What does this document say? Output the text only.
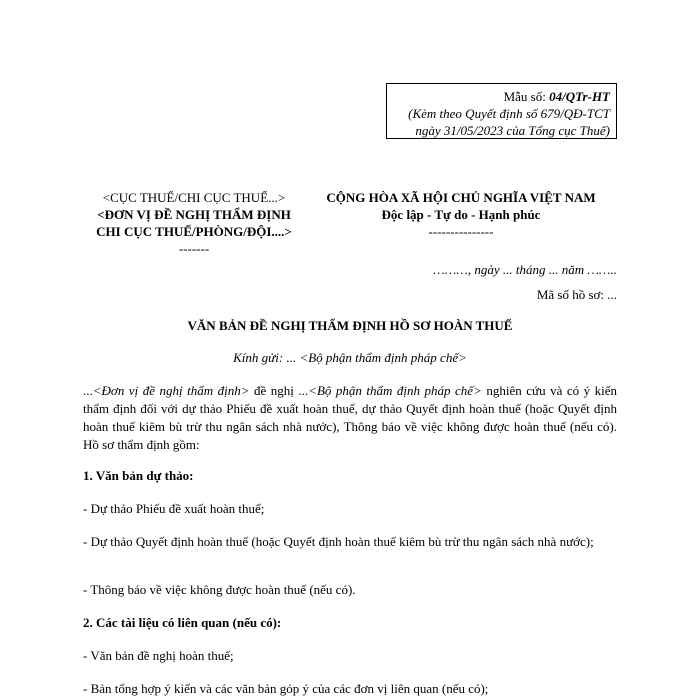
Mẫu số: 04/QTr-HT
(Kèm theo Quyết định số 679/QĐ-TCT
ngày 31/05/2023 của Tổng cục Thuế)
<CỤC THUẾ/CHI CỤC THUẾ...>
<ĐƠN VỊ ĐỀ NGHỊ THẨM ĐỊNH
CHI CỤC THUẾ/PHÒNG/ĐỘI....>
-------
CỘNG HÒA XÃ HỘI CHỦ NGHĨA VIỆT NAM
Độc lập - Tự do - Hạnh phúc
---------------
………, ngày ... tháng ... năm ……..
Mã số hồ sơ: ...
VĂN BẢN ĐỀ NGHỊ THẨM ĐỊNH HỒ SƠ HOÀN THUẾ
Kính gửi: ... <Bộ phận thẩm định pháp chế>
...<Đơn vị đề nghị thẩm định> đề nghị ...<Bộ phận thẩm định pháp chế> nghiên cứu và có ý kiến thẩm định đối với dự thảo Phiếu đề xuất hoàn thuế, dự thảo Quyết định hoàn thuế (hoặc Quyết định hoàn thuế kiêm bù trừ thu ngân sách nhà nước), Thông báo về việc không được hoàn thuế (nếu có). Hồ sơ thẩm định gồm:
1. Văn bản dự thảo:
- Dự thảo Phiếu đề xuất hoàn thuế;
- Dự thảo Quyết định hoàn thuế (hoặc Quyết định hoàn thuế kiêm bù trừ thu ngân sách nhà nước);
- Thông báo về việc không được hoàn thuế (nếu có).
2. Các tài liệu có liên quan (nếu có):
- Văn bản đề nghị hoàn thuế;
- Bản tổng hợp ý kiến và các văn bản góp ý của các đơn vị liên quan (nếu có);
